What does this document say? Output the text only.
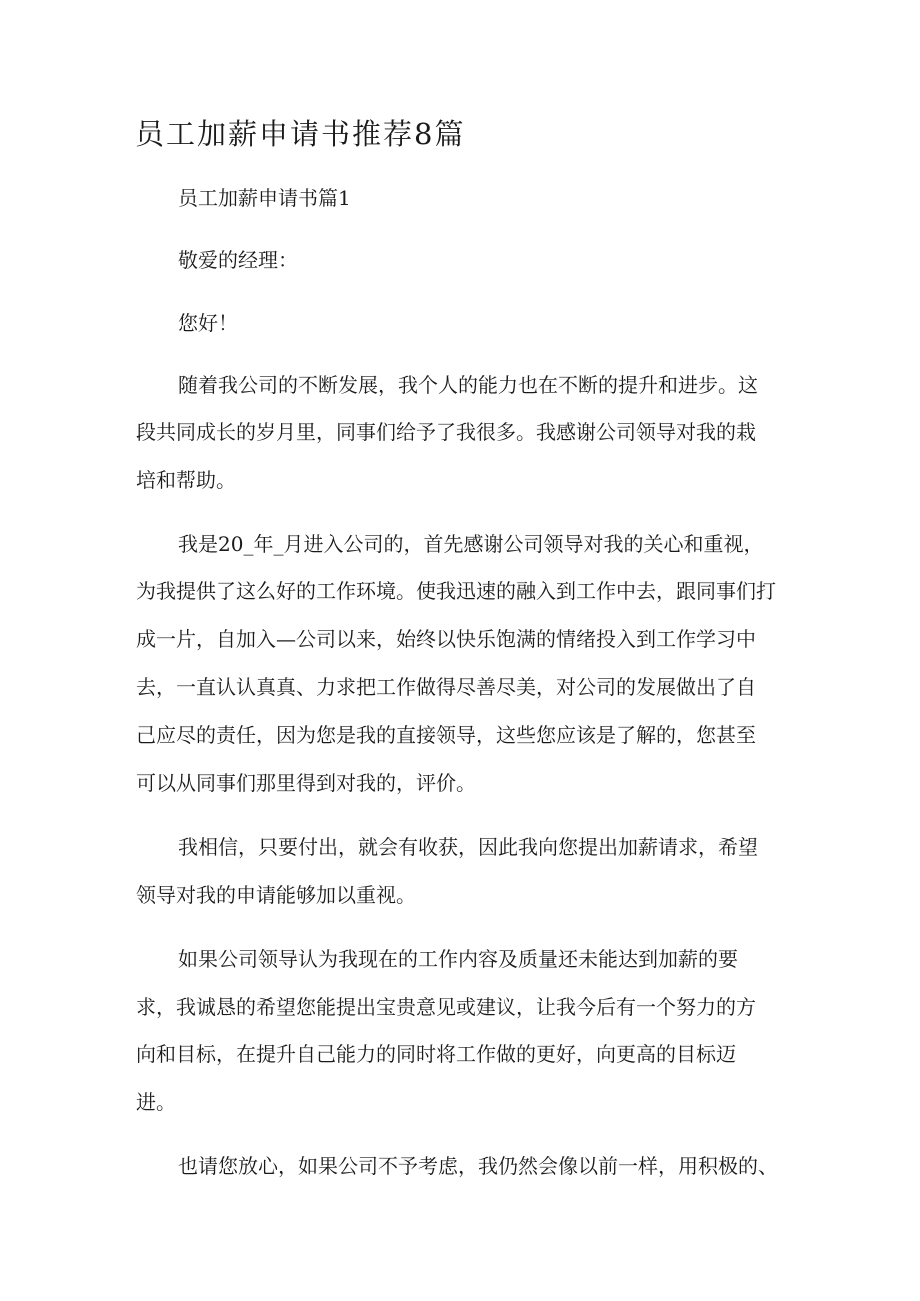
员工加薪申请书推荐8篇

员工加薪申请书篇1

敬爱的经理：

您好！

随着我公司的不断发展，我个人的能力也在不断的提升和进步。这

段共同成长的岁月里，同事们给予了我很多。我感谢公司领导对我的栽

培和帮助。

我是20_年_月进入公司的，首先感谢公司领导对我的关心和重视，

为我提供了这么好的工作环境。使我迅速的融入到工作中去，跟同事们打

成一片，自加入—公司以来，始终以快乐饱满的情绪投入到工作学习中

去，一直认认真真、力求把工作做得尽善尽美，对公司的发展做出了自

己应尽的责任，因为您是我的直接领导，这些您应该是了解的，您甚至

可以从同事们那里得到对我的，评价。

我相信，只要付出，就会有收获，因此我向您提出加薪请求，希望

领导对我的申请能够加以重视。

如果公司领导认为我现在的工作内容及质量还未能达到加薪的要

求，我诚恳的希望您能提出宝贵意见或建议，让我今后有一个努力的方

向和目标，在提升自己能力的同时将工作做的更好，向更高的目标迈

进。

也请您放心，如果公司不予考虑，我仍然会像以前一样，用积极的、
